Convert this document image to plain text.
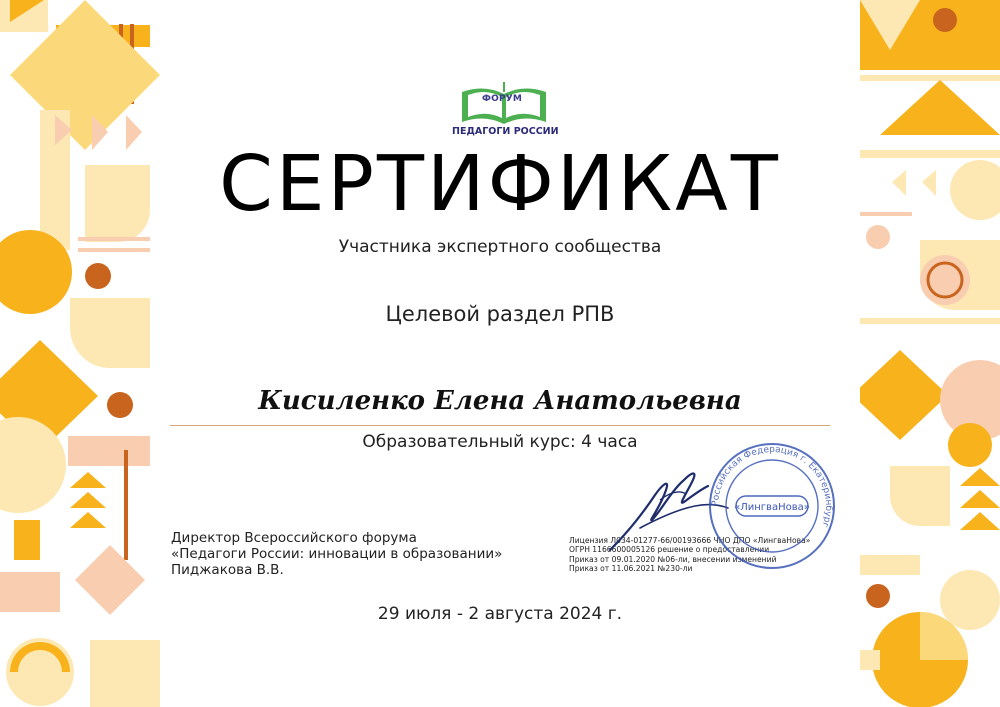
ФОРУМ
ПЕДАГОГИ РОССИИ
СЕРТИФИКАТ
Участника экспертного сообщества
Целевой раздел РПВ
Кисиленко Елена Анатольевна
Образовательный курс: 4 часа
Директор Всероссийского форума
«Педагоги России: инновации в образовании»
Пиджакова В.В.
Лицензия Л034-01277-66/00193666 ЧНО ДПО «ЛингваНова»
ОГРН 1166600005126 решение о предоставлении
Приказ от 09.01.2020 №06-ли, внесении изменений
Приказ от 11.06.2021 №230-ли
Российская Федерация г. Екатеринбург
«ЛингваНова»
29 июля - 2 августа 2024 г.
